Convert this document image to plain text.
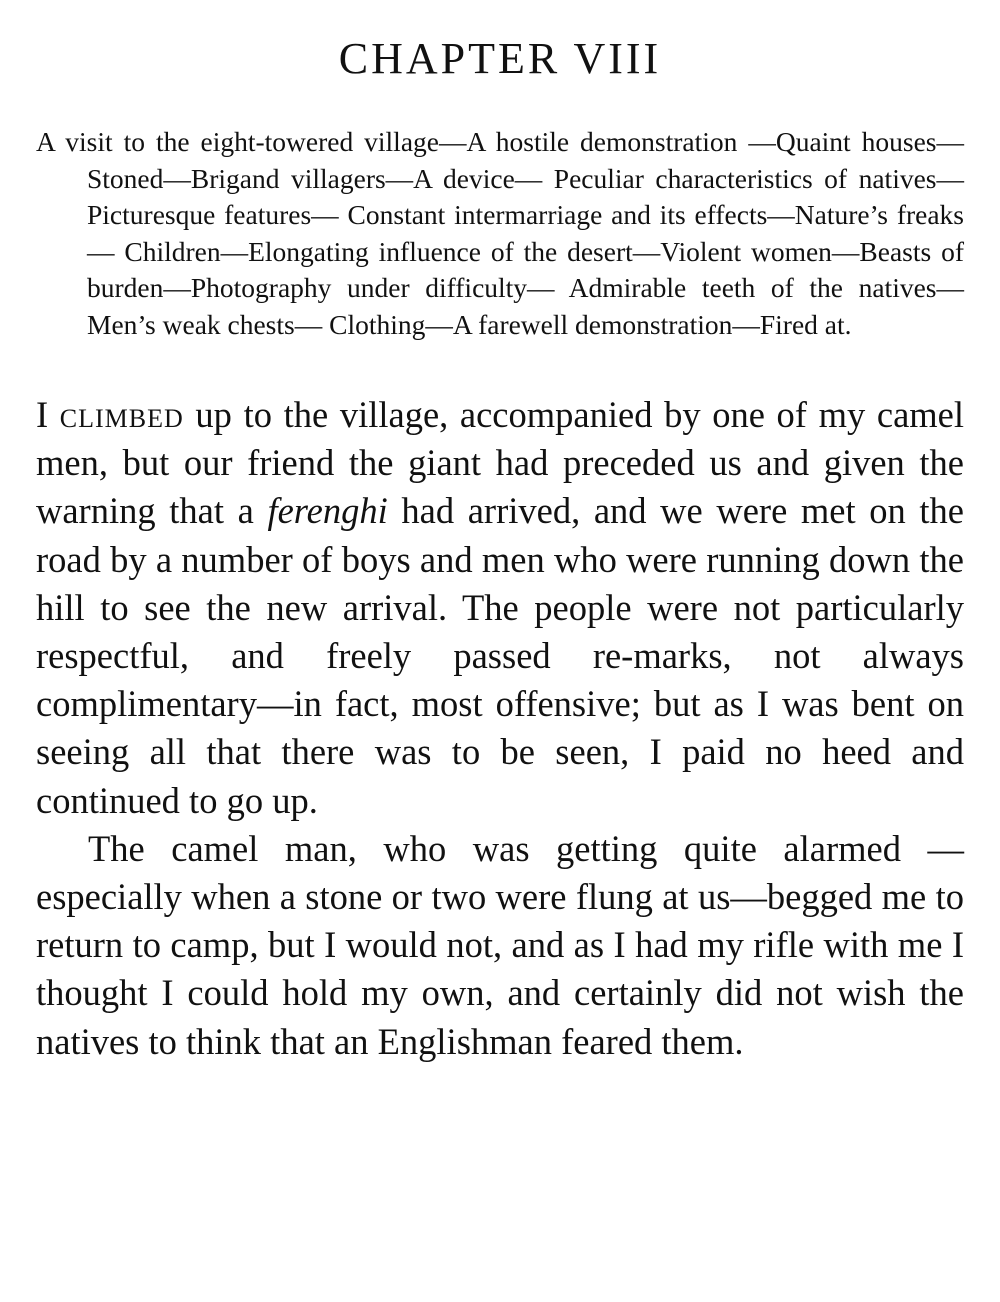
CHAPTER VIII
A visit to the eight-towered village—A hostile demonstration —Quaint houses—Stoned—Brigand villagers—A device— Peculiar characteristics of natives—Picturesque features— Constant intermarriage and its effects—Nature’s freaks— Children—Elongating influence of the desert—Violent women—Beasts of burden—Photography under difficulty— Admirable teeth of the natives—Men’s weak chests— Clothing—A farewell demonstration—Fired at.

I climbed up to the village, accompanied by one of my camel men, but our friend the giant had preceded us and given the warning that a ferenghi had arrived, and we were met on the road by a number of boys and men who were running down the hill to see the new arrival. The people were not particularly respectful, and freely passed re-marks, not always complimentary—in fact, most offensive; but as I was bent on seeing all that there was to be seen, I paid no heed and continued to go up.

The camel man, who was getting quite alarmed —especially when a stone or two were flung at us—begged me to return to camp, but I would not, and as I had my rifle with me I thought I could hold my own, and certainly did not wish the natives to think that an Englishman feared them.
